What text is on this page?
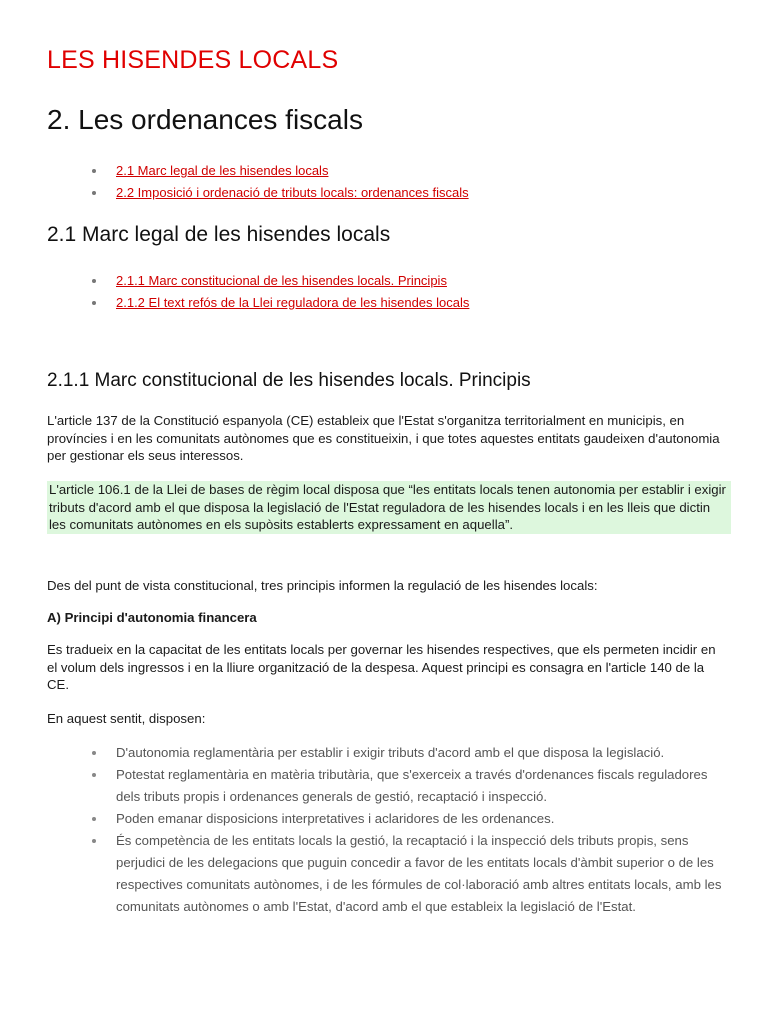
LES HISENDES LOCALS
2. Les ordenances fiscals
2.1 Marc legal de les hisendes locals
2.2 Imposició i ordenació de tributs locals: ordenances fiscals
2.1 Marc legal de les hisendes locals
2.1.1 Marc constitucional de les hisendes locals. Principis
2.1.2 El text refós de la Llei reguladora de les hisendes locals
2.1.1 Marc constitucional de les hisendes locals. Principis

L'article 137 de la Constitució espanyola (CE) estableix que l'Estat s'organitza territorialment en municipis, en províncies i en les comunitats autònomes que es constitueixin, i que totes aquestes entitats gaudeixen d'autonomia per gestionar els seus interessos.

L'article 106.1 de la Llei de bases de règim local disposa que “les entitats locals tenen autonomia per establir i exigir tributs d'acord amb el que disposa la legislació de l'Estat reguladora de les hisendes locals i en les lleis que dictin les comunitats autònomes en els supòsits establerts expressament en aquella”.

Des del punt de vista constitucional, tres principis informen la regulació de les hisendes locals:

A) Principi d'autonomia financera

Es tradueix en la capacitat de les entitats locals per governar les hisendes respectives, que els permeten incidir en el volum dels ingressos i en la lliure organització de la despesa. Aquest principi es consagra en l'article 140 de la CE.

En aquest sentit, disposen:

D'autonomia reglamentària per establir i exigir tributs d'acord amb el que disposa la legislació.
Potestat reglamentària en matèria tributària, que s'exerceix a través d'ordenances fiscals reguladores dels tributs propis i ordenances generals de gestió, recaptació i inspecció.
Poden emanar disposicions interpretatives i aclaridores de les ordenances.
És competència de les entitats locals la gestió, la recaptació i la inspecció dels tributs propis, sens perjudici de les delegacions que puguin concedir a favor de les entitats locals d'àmbit superior o de les respectives comunitats autònomes, i de les fórmules de col·laboració amb altres entitats locals, amb les comunitats autònomes o amb l'Estat, d'acord amb el que estableix la legislació de l'Estat.
